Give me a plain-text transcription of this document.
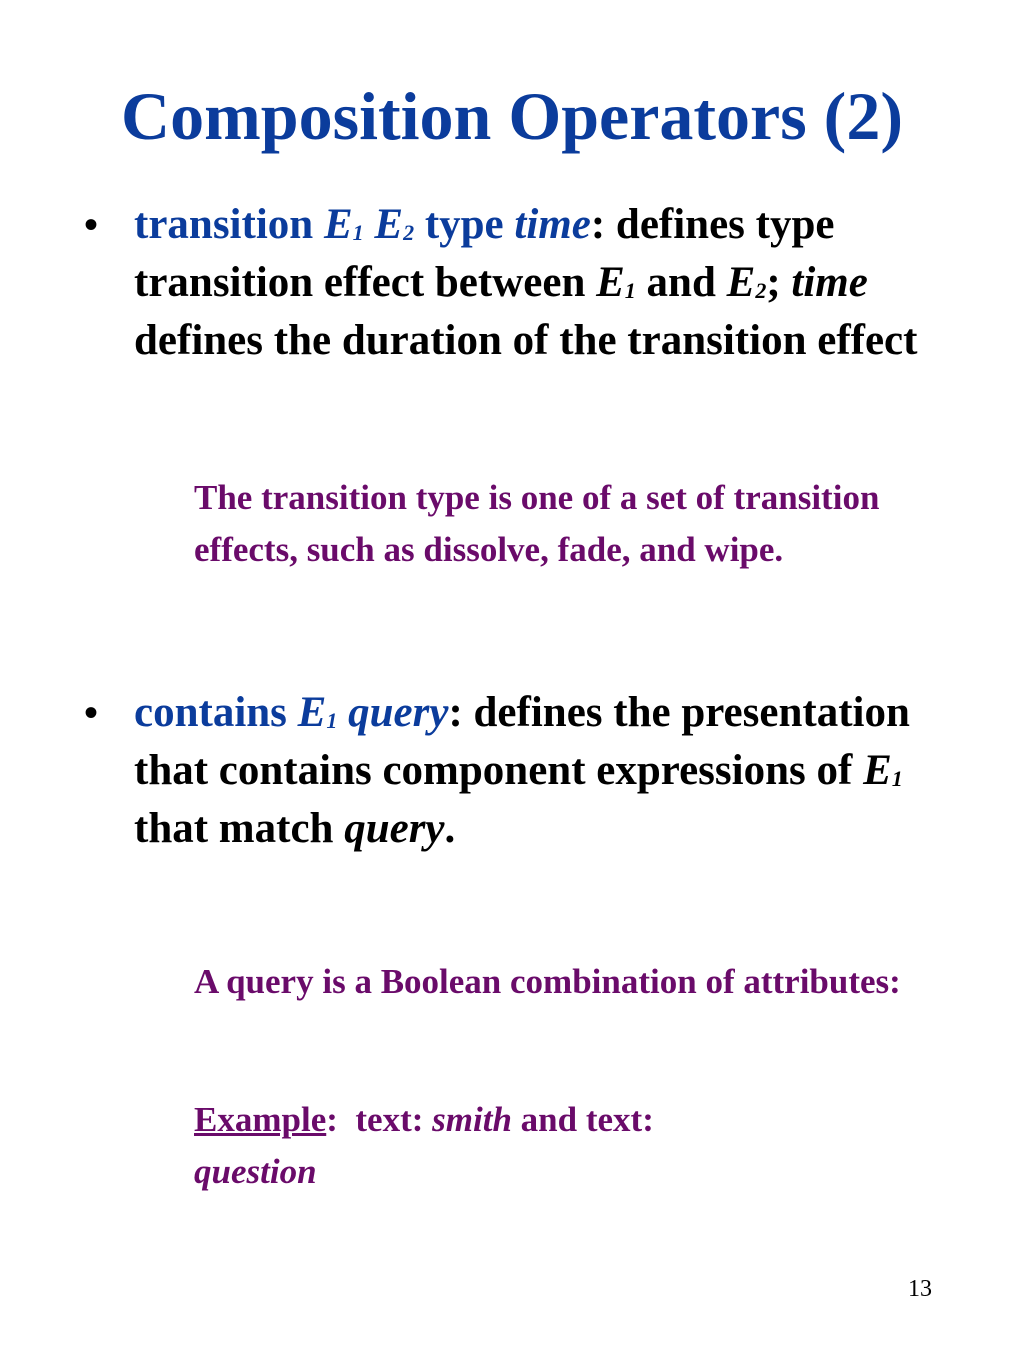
Composition Operators (2)
• transition $E_1$ $E_2$ type time: defines type transition effect between $E_1$ and $E_2$; time defines the duration of the transition effect
The transition type is one of a set of transition effects, such as dissolve, fade, and wipe.
• contains $E_1$ query: defines the presentation that contains component expressions of $E_1$ that match query.
A query is a Boolean combination of attributes:
Example: text: smith and text:
question
13
